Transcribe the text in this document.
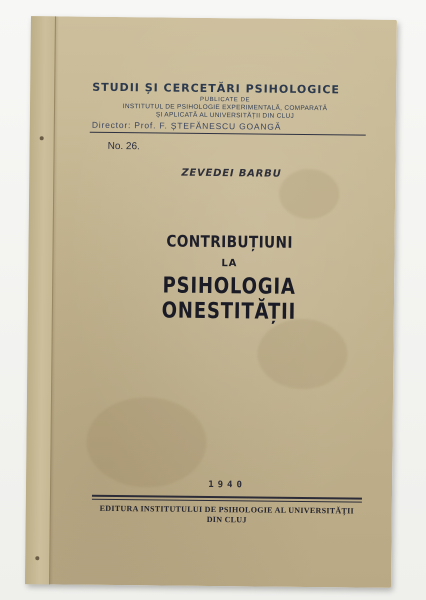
STUDII ȘI CERCETĂRI PSIHOLOGICE
PUBLICATE DE
INSTITUTUL DE PSIHOLOGIE EXPERIMENTALĂ, COMPARATĂ
ȘI APLICATĂ AL UNIVERSITĂȚII DIN CLUJ
Director: Prof. F. ȘTEFĂNESCU GOANGĂ
No. 26.
ZEVEDEI BARBU
CONTRIBUȚIUNI
LA
PSIHOLOGIA ONESTITĂȚII
1940
EDITURA INSTITUTULUI DE PSIHOLOGIE AL UNIVERSITĂȚII
DIN CLUJ
